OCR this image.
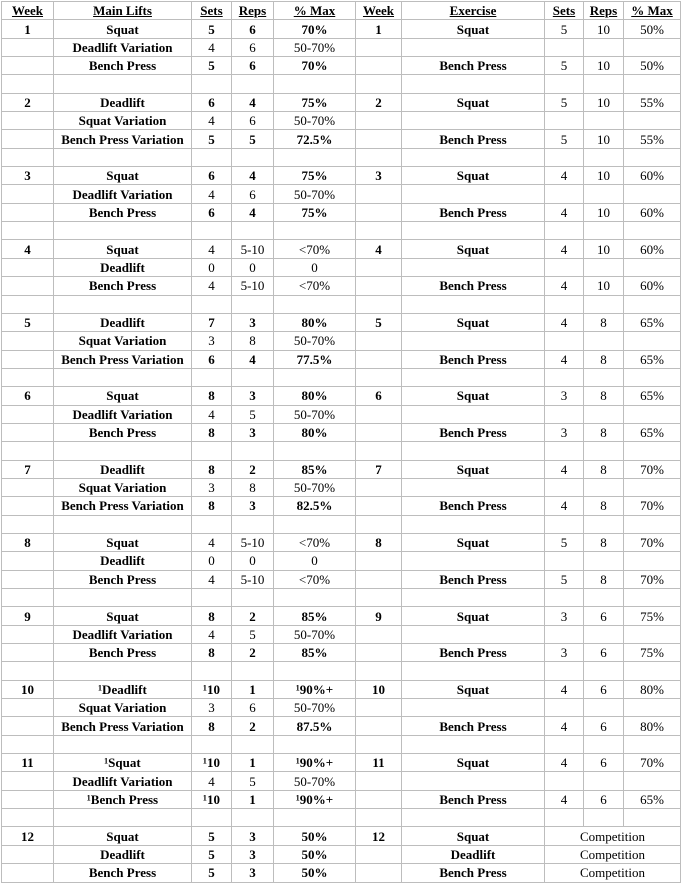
Week	Main Lifts	Sets	Reps	% Max	Week	Exercise	Sets	Reps	% Max
1	Squat	5	6	70%	1	Squat	5	10	50%
	Deadlift Variation	4	6	50-70%					
	Bench Press	5	6	70%		Bench Press	5	10	50%

2	Deadlift	6	4	75%	2	Squat	5	10	55%
	Squat Variation	4	6	50-70%					
	Bench Press Variation	5	5	72.5%		Bench Press	5	10	55%

3	Squat	6	4	75%	3	Squat	4	10	60%
	Deadlift Variation	4	6	50-70%					
	Bench Press	6	4	75%		Bench Press	4	10	60%

4	Squat	4	5-10	<70%	4	Squat	4	10	60%
	Deadlift	0	0	0					
	Bench Press	4	5-10	<70%		Bench Press	4	10	60%

5	Deadlift	7	3	80%	5	Squat	4	8	65%
	Squat Variation	3	8	50-70%					
	Bench Press Variation	6	4	77.5%		Bench Press	4	8	65%

6	Squat	8	3	80%	6	Squat	3	8	65%
	Deadlift Variation	4	5	50-70%					
	Bench Press	8	3	80%		Bench Press	3	8	65%

7	Deadlift	8	2	85%	7	Squat	4	8	70%
	Squat Variation	3	8	50-70%					
	Bench Press Variation	8	3	82.5%		Bench Press	4	8	70%

8	Squat	4	5-10	<70%	8	Squat	5	8	70%
	Deadlift	0	0	0					
	Bench Press	4	5-10	<70%		Bench Press	5	8	70%

9	Squat	8	2	85%	9	Squat	3	6	75%
	Deadlift Variation	4	5	50-70%					
	Bench Press	8	2	85%		Bench Press	3	6	75%

10	¹Deadlift	¹10	1	¹90%+	10	Squat	4	6	80%
	Squat Variation	3	6	50-70%					
	Bench Press Variation	8	2	87.5%		Bench Press	4	6	80%

11	¹Squat	¹10	1	¹90%+	11	Squat	4	6	70%
	Deadlift Variation	4	5	50-70%					
	¹Bench Press	¹10	1	¹90%+		Bench Press	4	6	65%

12	Squat	5	3	50%	12	Squat	Competition		
	Deadlift	5	3	50%		Deadlift	Competition		
	Bench Press	5	3	50%		Bench Press	Competition		
